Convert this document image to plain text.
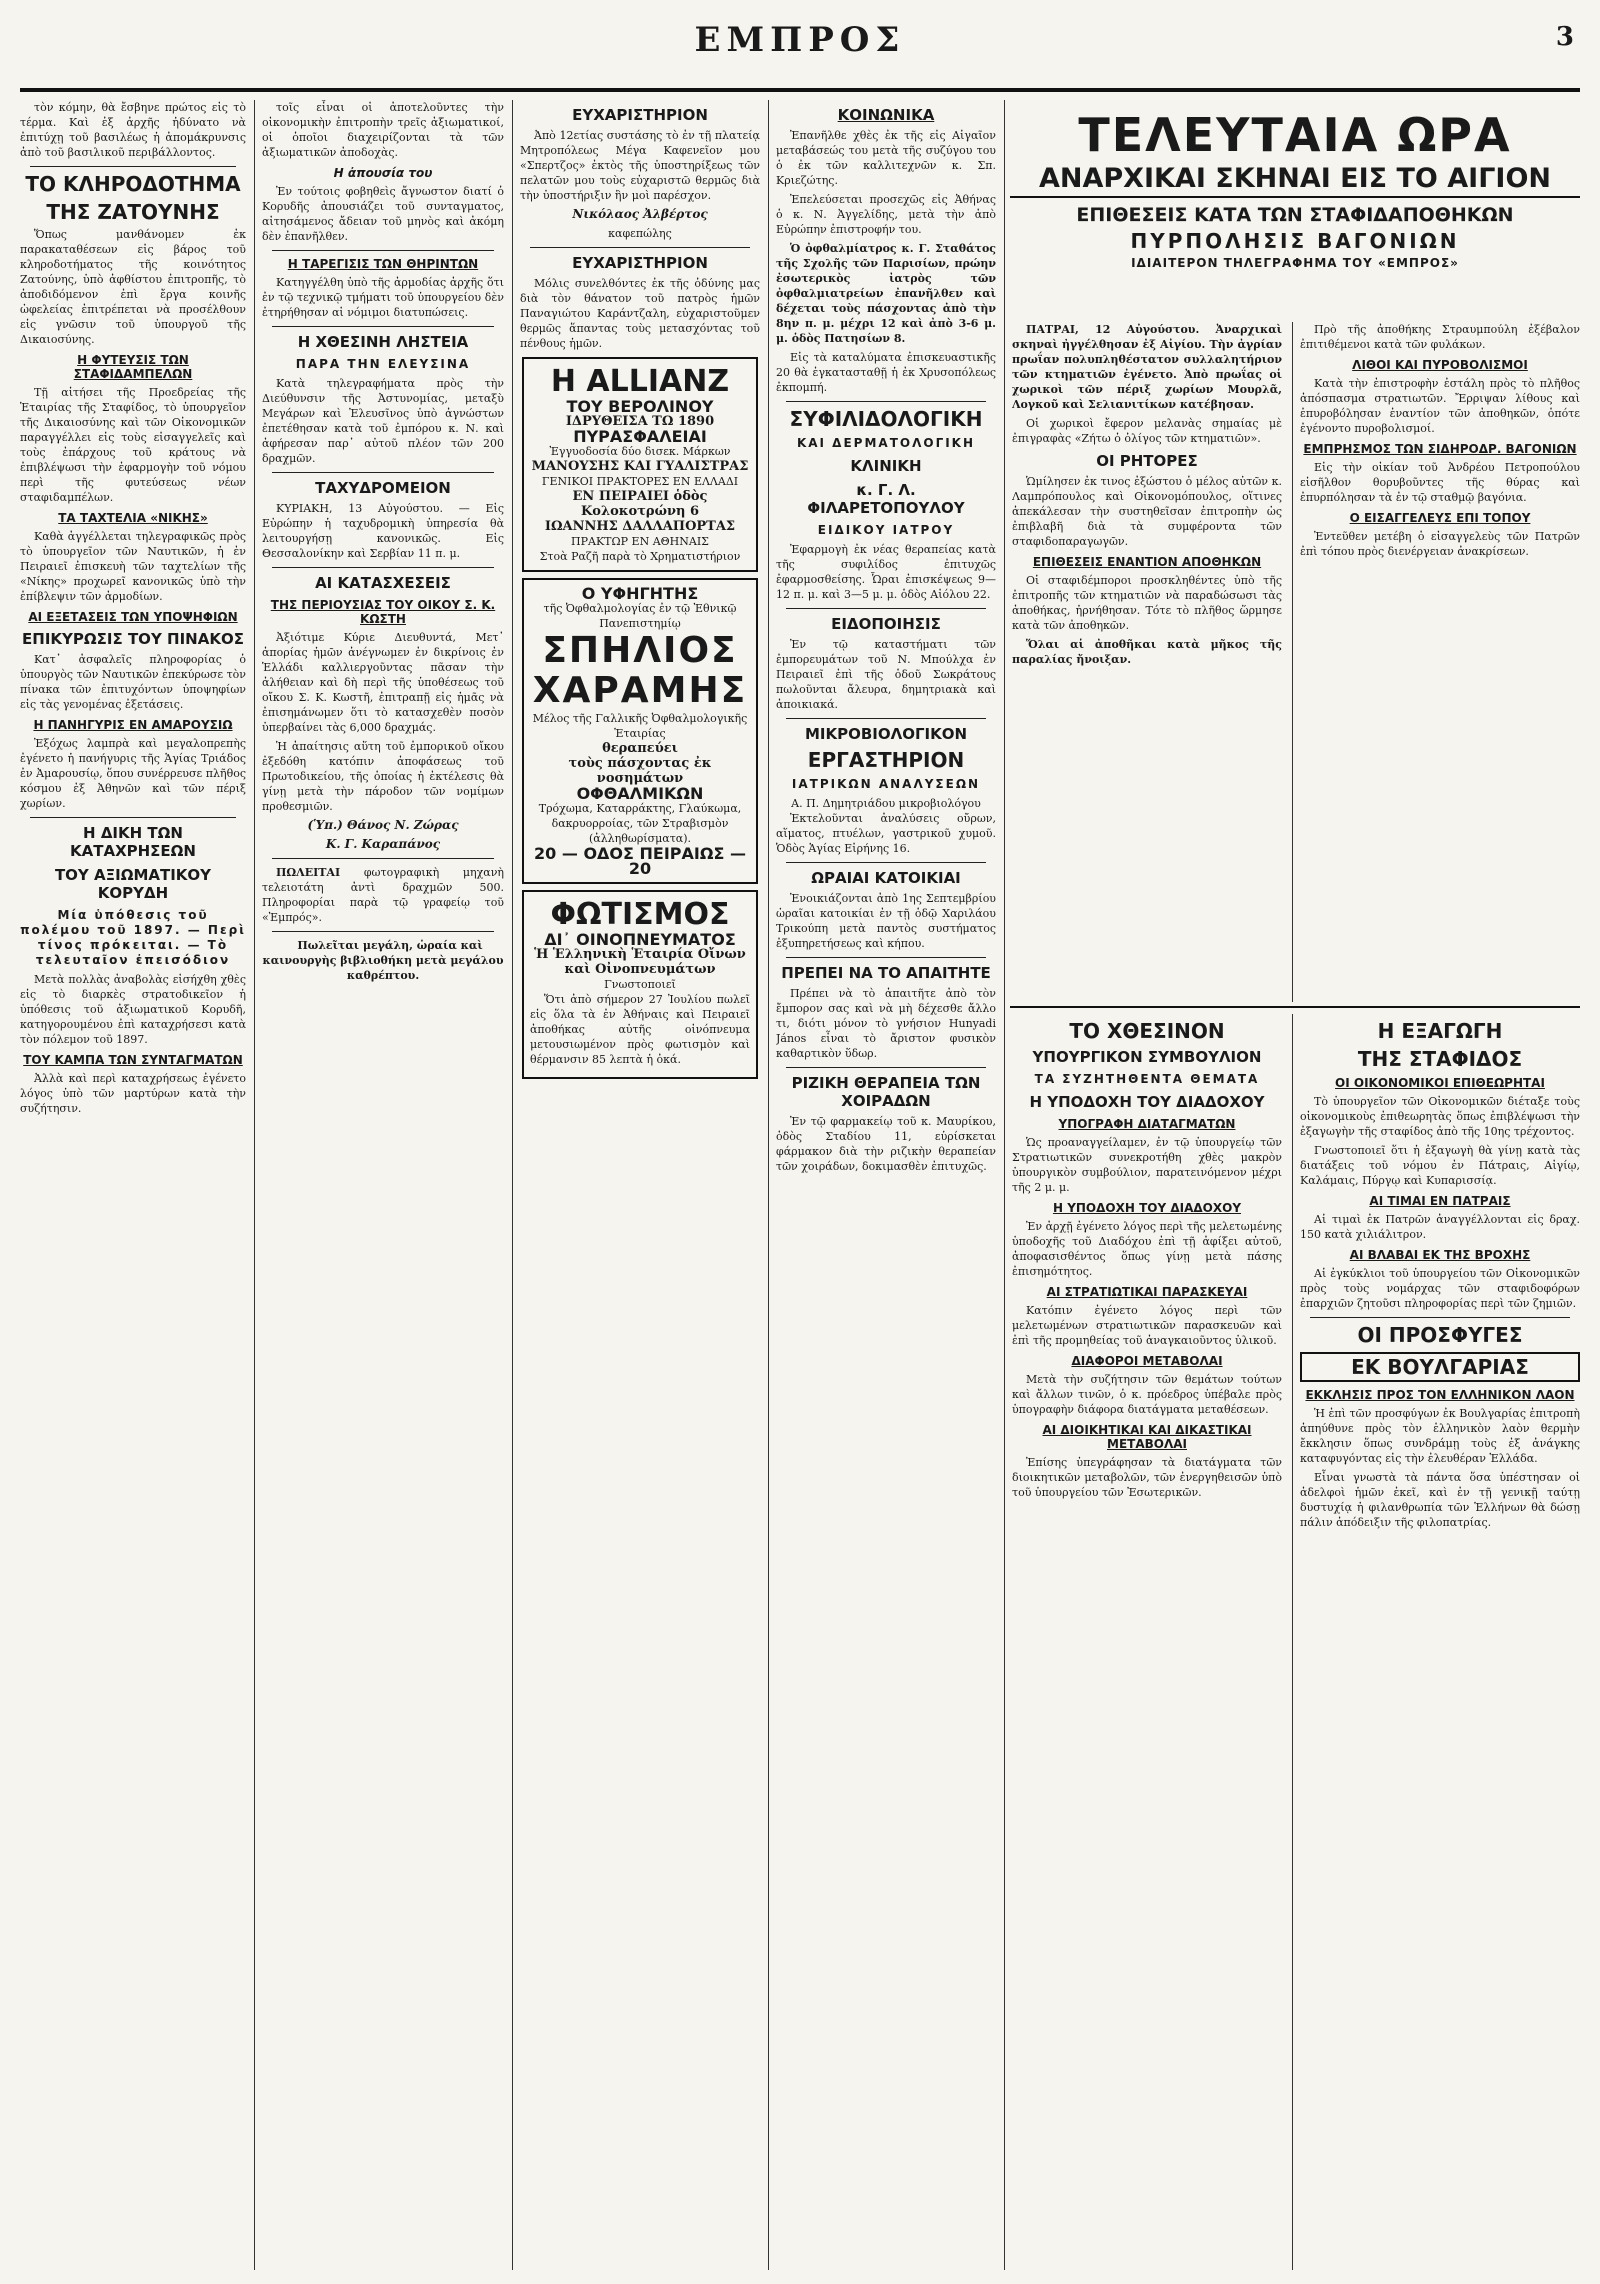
ΕΜΠΡΟΣ	3

τὸν κόμην, θὰ ἔσβηνε πρώτος εἰς τὸ τέρμα. Καὶ ἐξ ἀρχῆς ἠδύνατο νὰ ἐπιτύχῃ τοῦ βασιλέως ἡ ἀπομάκρυνσις ἀπὸ τοῦ βασιλικοῦ περιβάλλοντος.

ΤΟ ΚΛΗΡΟΔΟΤΗΜΑ
ΤΗΣ ΖΑΤΟΥΝΗΣ

Ὅπως μανθάνομεν ἐκ παρακαταθέσεων εἰς βάρος τοῦ κληροδοτήματος τῆς κοινότητος Ζατούνης, ὑπὸ ἀφθίστου ἐπιτροπῆς, τὸ ἀποδιδόμενον ἐπὶ ἔργα κοινῆς ὠφελείας ἐπιτρέπεται νὰ προσέλθουν εἰς γνῶσιν τοῦ ὑπουργοῦ τῆς Δικαιοσύνης.

Η ΦΥΤΕΥΣΙΣ ΤΩΝ ΣΤΑΦΙΔΑΜΠΕΛΩΝ

Τῇ αἰτήσει τῆς Προεδρείας τῆς Ἑταιρίας τῆς Σταφίδος, τὸ ὑπουργεῖον τῆς Δικαιοσύνης καὶ τῶν Οἰκονομικῶν παραγγέλλει εἰς τοὺς εἰσαγγελεῖς καὶ τοὺς ἐπάρχους τοῦ κράτους νὰ ἐπιβλέψωσι τὴν ἐφαρμογὴν τοῦ νόμου περὶ τῆς φυτεύσεως νέων σταφιδαμπέλων.

ΤΑ ΤΑΧΤΕΛΙΑ «ΝΙΚΗΣ»

Καθὰ ἀγγέλλεται τηλεγραφικῶς πρὸς τὸ ὑπουργεῖον τῶν Ναυτικῶν, ἡ ἐν Πειραιεῖ ἐπισκευὴ τῶν ταχτελίων τῆς «Νίκης» προχωρεῖ κανονικῶς ὑπὸ τὴν ἐπίβλεψιν τῶν ἀρμοδίων.

ΑΙ ΕΞΕΤΑΣΕΙΣ ΤΩΝ ΥΠΟΨΗΦΙΩΝ
ΕΠΙΚΥΡΩΣΙΣ ΤΟΥ ΠΙΝΑΚΟΣ

Κατ᾽ ἀσφαλεῖς πληροφορίας ὁ ὑπουργὸς τῶν Ναυτικῶν ἐπεκύρωσε τὸν πίνακα τῶν ἐπιτυχόντων ὑποψηφίων εἰς τὰς γενομένας ἐξετάσεις.

Η ΠΑΝΗΓΥΡΙΣ ΕΝ ΑΜΑΡΟΥΣΙΩ

Ἐξόχως λαμπρὰ καὶ μεγαλοπρεπὴς ἐγένετο ἡ πανήγυρις τῆς Ἁγίας Τριάδος ἐν Ἀμαρουσίῳ, ὅπου συνέρρευσε πλῆθος κόσμου ἐξ Ἀθηνῶν καὶ τῶν πέριξ χωρίων.

Η ΔΙΚΗ ΤΩΝ ΚΑΤΑΧΡΗΣΕΩΝ
ΤΟΥ ΑΞΙΩΜΑΤΙΚΟΥ ΚΟΡΥΔΗ
Μία ὑπόθεσις τοῦ πολέμου τοῦ 1897. — Περὶ τίνος πρόκειται. — Τὸ τελευταῖον ἐπεισόδιον

Μετὰ πολλὰς ἀναβολὰς εἰσήχθη χθὲς εἰς τὸ διαρκὲς στρατοδικεῖον ἡ ὑπόθεσις τοῦ ἀξιωματικοῦ Κορυδῆ, κατηγορουμένου ἐπὶ καταχρήσεσι κατὰ τὸν πόλεμον τοῦ 1897.

ΤΟΥ ΚΑΜΠΑ ΤΩΝ ΣΥΝΤΑΓΜΑΤΩΝ

Ἀλλὰ καὶ περὶ καταχρήσεως ἐγένετο λόγος ὑπὸ τῶν μαρτύρων κατὰ τὴν συζήτησιν.

τοῖς εἶναι οἱ ἀποτελοῦντες τὴν οἰκονομικὴν ἐπιτροπὴν τρεῖς ἀξιωματικοί, οἱ ὁποῖοι διαχειρίζονται τὰ τῶν ἀξιωματικῶν ἀποδοχὰς.

Η ἀπουσία του

Ἐν τούτοις φοβηθεὶς ἄγνωστον διατί ὁ Κορυδῆς ἀπουσιάζει τοῦ συνταγματος, αἰτησάμενος ἄδειαν τοῦ μηνὸς καὶ ἀκόμη δὲν ἐπανῆλθεν.

Η ΤΑΡΕΓΙΣΙΣ ΤΩΝ ΘΗΡΙΝΤΩΝ

Κατηγγέλθη ὑπὸ τῆς ἀρμοδίας ἀρχῆς ὅτι ἐν τῷ τεχνικῷ τμήματι τοῦ ὑπουργείου δὲν ἐτηρήθησαν αἱ νόμιμοι διατυπώσεις.

Η ΧΘΕΣΙΝΗ ΛΗΣΤΕΙΑ
ΠΑΡΑ ΤΗΝ ΕΛΕΥΣΙΝΑ

Κατὰ τηλεγραφήματα πρὸς τὴν Διεύθυνσιν τῆς Ἀστυνομίας, μεταξὺ Μεγάρων καὶ Ἐλευσῖνος ὑπὸ ἀγνώστων ἐπετέθησαν κατὰ τοῦ ἐμπόρου κ. Ν. καὶ ἀφήρεσαν παρ᾽ αὐτοῦ πλέον τῶν 200 δραχμῶν.

ΤΑΧΥΔΡΟΜΕΙΟΝ

ΚΥΡΙΑΚΗ, 13 Αὐγούστου. — Εἰς Εὐρώπην ἡ ταχυδρομικὴ ὑπηρεσία θὰ λειτουργήσῃ κανονικῶς. Εἰς Θεσσαλονίκην καὶ Σερβίαν 11 π. μ.

ΑΙ ΚΑΤΑΣΧΕΣΕΙΣ
ΤΗΣ ΠΕΡΙΟΥΣΙΑΣ ΤΟΥ ΟΙΚΟΥ Σ. Κ. ΚΩΣΤΗ

Ἀξιότιμε Κύριε Διευθυντά, Μετ᾽ ἀπορίας ἡμῶν ἀνέγνωμεν ἐν δικρίνοις ἐν Ἑλλάδι καλλιεργοῦντας πᾶσαν τὴν ἀλήθειαν καὶ δὴ περὶ τῆς ὑποθέσεως τοῦ οἴκου Σ. Κ. Κωστῆ, ἐπιτραπῇ εἰς ἡμᾶς νὰ ἐπισημάνωμεν ὅτι τὸ κατασχεθὲν ποσὸν ὑπερβαίνει τὰς 6,000 δραχμάς.

Ἡ ἀπαίτησις αὕτη τοῦ ἐμπορικοῦ οἴκου ἐξεδόθη κατόπιν ἀποφάσεως τοῦ Πρωτοδικείου, τῆς ὁποίας ἡ ἐκτέλεσις θὰ γίνῃ μετὰ τὴν πάροδον τῶν νομίμων προθεσμιῶν.

(Ὑπ.) Θάνος Ν. Ζώρας
Κ. Γ. Καραπάνος

ΠΩΛΕΙΤΑΙ φωτογραφικὴ μηχανὴ τελειοτάτη ἀντὶ δραχμῶν 500. Πληροφορίαι παρὰ τῷ γραφείῳ τοῦ «Ἐμπρός».

Πωλεῖται μεγάλη, ὡραία καὶ καινουργὴς βιβλιοθήκη μετὰ μεγάλου καθρέπτου.

ΕΥΧΑΡΙΣΤΗΡΙΟΝ

Ἀπὸ 12ετίας συστάσης τὸ ἐν τῇ πλατείᾳ Μητροπόλεως Μέγα Καφενεῖον μου «Σπερτζος» ἐκτὸς τῆς ὑποστηρίξεως τῶν πελατῶν μου τοὺς εὐχαριστῶ θερμῶς διὰ τὴν ὑποστήριξιν ἣν μοὶ παρέσχον.

Νικόλαος Ἀλβέρτος
καφεπώλης
ΕΥΧΑΡΙΣΤΗΡΙΟΝ

Μόλις συνελθόντες ἐκ τῆς ὀδύνης μας διὰ τὸν θάνατον τοῦ πατρὸς ἡμῶν Παναγιώτου Καράντζαλη, εὐχαριστοῦμεν θερμῶς ἅπαντας τοὺς μετασχόντας τοῦ πένθους ἡμῶν.

Η ALLIANZ
ΤΟΥ ΒΕΡΟΛΙΝΟΥ
ΙΔΡΥΘΕΙΣΑ ΤΩ 1890
ΠΥΡΑΣΦΑΛΕΙΑΙ
Ἐγγυοδοσία δύο δισεκ. Μάρκων
ΜΑΝΟΥΣΗΣ ΚΑΙ ΓΥΑΛΙΣΤΡΑΣ
ΓΕΝΙΚΟΙ ΠΡΑΚΤΟΡΕΣ ΕΝ ΕΛΛΑΔΙ
ΕΝ ΠΕΙΡΑΙΕΙ ὁδὸς Κολοκοτρώνη 6
ΙΩΑΝΝΗΣ ΔΑΛΛΑΠΟΡΤΑΣ
ΠΡΑΚΤΩΡ ΕΝ ΑΘΗΝΑΙΣ
Στοὰ Ραζῆ παρὰ τὸ Χρηματιστήριον
Ο ΥΦΗΓΗΤΗΣ
τῆς Ὀφθαλμολογίας ἐν τῷ Ἐθνικῷ Πανεπιστημίῳ
ΣΠΗΛΙΟΣ
ΧΑΡΑΜΗΣ
Μέλος τῆς Γαλλικῆς Ὀφθαλμολογικῆς Ἑταιρίας
θεραπεύει
τοὺς πάσχοντας ἐκ νοσημάτων
ΟΦΘΑΛΜΙΚΩΝ
Τρόχωμα, Καταρράκτης, Γλαύκωμα, δακρυορροίας, τῶν Στραβισμὸν (ἀλληθωρίσματα).
20 — ΟΔΟΣ ΠΕΙΡΑΙΩΣ — 20
ΦΩΤΙΣΜΟΣ
ΔΙ᾽ ΟΙΝΟΠΝΕΥΜΑΤΟΣ
Ἡ Ἑλληνικὴ Ἑταιρία Οἴνων καὶ Οἰνοπνευμάτων
Γνωστοποιεῖ

Ὅτι ἀπὸ σήμερον 27 Ἰουλίου πωλεῖ εἰς ὅλα τὰ ἐν Ἀθήναις καὶ Πειραιεῖ ἀποθήκας αὐτῆς οἰνόπνευμα μετουσιωμένον πρὸς φωτισμὸν καὶ θέρμανσιν 85 λεπτὰ ἡ ὀκά.

ΚΟΙΝΩΝΙΚΑ

Ἐπανῆλθε χθὲς ἐκ τῆς εἰς Αἰγαῖον μεταβάσεώς του μετὰ τῆς συζύγου του ὁ ἐκ τῶν καλλιτεχνῶν κ. Σπ. Κριεζώτης.

Ἐπελεύσεται προσεχῶς εἰς Ἀθήνας ὁ κ. Ν. Ἀγγελίδης, μετὰ τὴν ἀπὸ Εὐρώπην ἐπιστροφήν του.

Ὁ ὀφθαλμίατρος κ. Γ. Σταθάτος τῆς Σχολῆς τῶν Παρισίων, πρώην ἐσωτερικὸς ἰατρὸς τῶν ὀφθαλμιατρείων ἐπανῆλθεν καὶ δέχεται τοὺς πάσχοντας ἀπὸ τὴν 8ην π. μ. μέχρι 12 καὶ ἀπὸ 3-6 μ. μ. ὁδὸς Πατησίων 8.

Εἰς τὰ καταλύματα ἐπισκευαστικῆς 20 θὰ ἐγκατασταθῇ ἡ ἐκ Χρυσοπόλεως ἐκπομπή.

ΣΥΦΙΛΙΔΟΛΟΓΙΚΗ
ΚΑΙ ΔΕΡΜΑΤΟΛΟΓΙΚΗ
ΚΛΙΝΙΚΗ
κ. Γ. Λ. ΦΙΛΑΡΕΤΟΠΟΥΛΟΥ
ΕΙΔΙΚΟΥ ΙΑΤΡΟΥ

Ἐφαρμογὴ ἐκ νέας θεραπείας κατὰ τῆς συφιλίδος ἐπιτυχῶς ἐφαρμοσθείσης. Ὧραι ἐπισκέψεως 9—12 π. μ. καὶ 3—5 μ. μ. ὁδὸς Αἰόλου 22.

ΕΙΔΟΠΟΙΗΣΙΣ

Ἐν τῷ καταστήματι τῶν ἐμπορευμάτων τοῦ Ν. Μπούλχα ἐν Πειραιεῖ ἐπὶ τῆς ὁδοῦ Σωκράτους πωλοῦνται ἄλευρα, δημητριακὰ καὶ ἀποικιακά.

ΜΙΚΡΟΒΙΟΛΟΓΙΚΟΝ
ΕΡΓΑΣΤΗΡΙΟΝ
ΙΑΤΡΙΚΩΝ ΑΝΑΛΥΣΕΩΝ
Α. Π. Δημητριάδου μικροβιολόγου

Ἐκτελοῦνται ἀναλύσεις οὔρων, αἵματος, πτυέλων, γαστρικοῦ χυμοῦ. Ὁδὸς Ἁγίας Εἰρήνης 16.

ΩΡΑΙΑΙ ΚΑΤΟΙΚΙΑΙ

Ἐνοικιάζονται ἀπὸ 1ης Σεπτεμβρίου ὡραῖαι κατοικίαι ἐν τῇ ὁδῷ Χαριλάου Τρικούπη μετὰ παντὸς συστήματος ἐξυπηρετήσεως καὶ κήπου.

ΠΡΕΠΕΙ ΝΑ ΤΟ ΑΠΑΙΤΗΤΕ

Πρέπει νὰ τὸ ἀπαιτῆτε ἀπὸ τὸν ἔμπορον σας καὶ νὰ μὴ δέχεσθε ἄλλο τι, διότι μόνον τὸ γνήσιον Hunyadi János εἶναι τὸ ἄριστον φυσικὸν καθαρτικὸν ὕδωρ.

ΡΙΖΙΚΗ ΘΕΡΑΠΕΙΑ ΤΩΝ ΧΟΙΡΑΔΩΝ

Ἐν τῷ φαρμακείῳ τοῦ κ. Μαυρίκου, ὁδὸς Σταδίου 11, εὑρίσκεται φάρμακον διὰ τὴν ριζικὴν θεραπείαν τῶν χοιράδων, δοκιμασθὲν ἐπιτυχῶς.

ΤΕΛΕΥΤΑΙΑ ΩΡΑ
ΑΝΑΡΧΙΚΑΙ ΣΚΗΝΑΙ ΕΙΣ ΤΟ ΑΙΓΙΟΝ
ΕΠΙΘΕΣΕΙΣ ΚΑΤΑ ΤΩΝ ΣΤΑΦΙΔΑΠΟΘΗΚΩΝ
ΠΥΡΠΟΛΗΣΙΣ ΒΑΓΟΝΙΩΝ
ΙΔΙΑΙΤΕΡΟΝ ΤΗΛΕΓΡΑΦΗΜΑ ΤΟΥ «ΕΜΠΡΟΣ»

ΠΑΤΡΑΙ, 12 Αὐγούστου. Ἀναρχικαὶ σκηναὶ ἠγγέλθησαν ἐξ Αἰγίου. Τὴν ἀγρίαν πρωΐαν πολυπληθέστατον συλλαλητήριον τῶν κτηματιῶν ἐγένετο. Ἀπὸ πρωΐας οἱ χωρικοὶ τῶν πέριξ χωρίων Μουρλᾶ, Λογκοῦ καὶ Σελιανιτίκων κατέβησαν.

Οἱ χωρικοὶ ἔφερον μελανὰς σημαίας μὲ ἐπιγραφὰς «Ζήτω ὁ ὀλίγος τῶν κτηματιῶν».

ΟΙ ΡΗΤΟΡΕΣ

Ὡμίλησεν ἐκ τινος ἐξώστου ὁ μέλος αὐτῶν κ. Λαμπρόπουλος καὶ Οἰκονομόπουλος, οἵτινες ἀπεκάλεσαν τὴν συστηθεῖσαν ἐπιτροπὴν ὡς ἐπιβλαβῆ διὰ τὰ συμφέροντα τῶν σταφιδοπαραγωγῶν.

ΕΠΙΘΕΣΕΙΣ ΕΝΑΝΤΙΟΝ ΑΠΟΘΗΚΩΝ

Οἱ σταφιδέμποροι προσκληθέντες ὑπὸ τῆς ἐπιτροπῆς τῶν κτηματιῶν νὰ παραδώσωσι τὰς ἀποθήκας, ἠρνήθησαν. Τότε τὸ πλῆθος ὥρμησε κατὰ τῶν ἀποθηκῶν.

Ὅλαι αἱ ἀποθῆκαι κατὰ μῆκος τῆς παραλίας ἤνοιξαν.

Πρὸ τῆς ἀποθήκης Στραυμπούλη ἐξέβαλον ἐπιτιθέμενοι κατὰ τῶν φυλάκων.

ΛΙΘΟΙ ΚΑΙ ΠΥΡΟΒΟΛΙΣΜΟΙ

Κατὰ τὴν ἐπιστροφὴν ἐστάλη πρὸς τὸ πλῆθος ἀπόσπασμα στρατιωτῶν. Ἔρριψαν λίθους καὶ ἐπυροβόλησαν ἐναντίον τῶν ἀποθηκῶν, ὁπότε ἐγένοντο πυροβολισμοί.

ΕΜΠΡΗΣΜΟΣ ΤΩΝ ΣΙΔΗΡΟΔΡ. ΒΑΓΟΝΙΩΝ

Εἰς τὴν οἰκίαν τοῦ Ἀνδρέου Πετροπούλου εἰσῆλθον θορυβοῦντες τῆς θύρας καὶ ἐπυρπόλησαν τὰ ἐν τῷ σταθμῷ βαγόνια.

Ο ΕΙΣΑΓΓΕΛΕΥΣ ΕΠΙ ΤΟΠΟΥ

Ἐντεῦθεν μετέβη ὁ εἰσαγγελεὺς τῶν Πατρῶν ἐπὶ τόπου πρὸς διενέργειαν ἀνακρίσεων.

ΤΟ ΧΘΕΣΙΝΟΝ
ΥΠΟΥΡΓΙΚΟΝ ΣΥΜΒΟΥΛΙΟΝ
ΤΑ ΣΥΖΗΤΗΘΕΝΤΑ ΘΕΜΑΤΑ
Η ΥΠΟΔΟΧΗ ΤΟΥ ΔΙΑΔΟΧΟΥ
ΥΠΟΓΡΑΦΗ ΔΙΑΤΑΓΜΑΤΩΝ

Ὡς προαναγγείλαμεν, ἐν τῷ ὑπουργείῳ τῶν Στρατιωτικῶν συνεκροτήθη χθὲς μακρὸν ὑπουργικὸν συμβούλιον, παρατεινόμενον μέχρι τῆς 2 μ. μ.

Η ΥΠΟΔΟΧΗ ΤΟΥ ΔΙΑΔΟΧΟΥ

Ἐν ἀρχῇ ἐγένετο λόγος περὶ τῆς μελετωμένης ὑποδοχῆς τοῦ Διαδόχου ἐπὶ τῇ ἀφίξει αὐτοῦ, ἀποφασισθέντος ὅπως γίνῃ μετὰ πάσης ἐπισημότητος.

ΑΙ ΣΤΡΑΤΙΩΤΙΚΑΙ ΠΑΡΑΣΚΕΥΑΙ

Κατόπιν ἐγένετο λόγος περὶ τῶν μελετωμένων στρατιωτικῶν παρασκευῶν καὶ ἐπὶ τῆς προμηθείας τοῦ ἀναγκαιοῦντος ὑλικοῦ.

ΔΙΑΦΟΡΟΙ ΜΕΤΑΒΟΛΑΙ

Μετὰ τὴν συζήτησιν τῶν θεμάτων τούτων καὶ ἄλλων τινῶν, ὁ κ. πρόεδρος ὑπέβαλε πρὸς ὑπογραφὴν διάφορα διατάγματα μεταθέσεων.

ΑΙ ΔΙΟΙΚΗΤΙΚΑΙ ΚΑΙ ΔΙΚΑΣΤΙΚΑΙ ΜΕΤΑΒΟΛΑΙ

Ἐπίσης ὑπεγράφησαν τὰ διατάγματα τῶν διοικητικῶν μεταβολῶν, τῶν ἐνεργηθεισῶν ὑπὸ τοῦ ὑπουργείου τῶν Ἐσωτερικῶν.

Η ΕΞΑΓΩΓΗ
ΤΗΣ ΣΤΑΦΙΔΟΣ
ΟΙ ΟΙΚΟΝΟΜΙΚΟΙ ΕΠΙΘΕΩΡΗΤΑΙ

Τὸ ὑπουργεῖον τῶν Οἰκονομικῶν διέταξε τοὺς οἰκονομικοὺς ἐπιθεωρητὰς ὅπως ἐπιβλέψωσι τὴν ἐξαγωγὴν τῆς σταφίδος ἀπὸ τῆς 10ης τρέχοντος.

Γνωστοποιεῖ ὅτι ἡ ἐξαγωγὴ θὰ γίνῃ κατὰ τὰς διατάξεις τοῦ νόμου ἐν Πάτραις, Αἰγίῳ, Καλάμαις, Πύργῳ καὶ Κυπαρισσίᾳ.

ΑΙ ΤΙΜΑΙ ΕΝ ΠΑΤΡΑΙΣ

Αἱ τιμαὶ ἐκ Πατρῶν ἀναγγέλλονται εἰς δραχ. 150 κατὰ χιλιάλιτρον.

ΑΙ ΒΛΑΒΑΙ ΕΚ ΤΗΣ ΒΡΟΧΗΣ

Αἱ ἐγκύκλιοι τοῦ ὑπουργείου τῶν Οἰκονομικῶν πρὸς τοὺς νομάρχας τῶν σταφιδοφόρων ἐπαρχιῶν ζητοῦσι πληροφορίας περὶ τῶν ζημιῶν.

ΟΙ ΠΡΟΣΦΥΓΕΣ
ΕΚ ΒΟΥΛΓΑΡΙΑΣ
ΕΚΚΛΗΣΙΣ ΠΡΟΣ ΤΟΝ ΕΛΛΗΝΙΚΟΝ ΛΑΟΝ

Ἡ ἐπὶ τῶν προσφύγων ἐκ Βουλγαρίας ἐπιτροπὴ ἀπηύθυνε πρὸς τὸν ἑλληνικὸν λαὸν θερμὴν ἔκκλησιν ὅπως συνδράμῃ τοὺς ἐξ ἀνάγκης καταφυγόντας εἰς τὴν ἐλευθέραν Ἑλλάδα.

Εἶναι γνωστὰ τὰ πάντα ὅσα ὑπέστησαν οἱ ἀδελφοὶ ἡμῶν ἐκεῖ, καὶ ἐν τῇ γενικῇ ταύτῃ δυστυχίᾳ ἡ φιλανθρωπία τῶν Ἑλλήνων θὰ δώσῃ πάλιν ἀπόδειξιν τῆς φιλοπατρίας.
